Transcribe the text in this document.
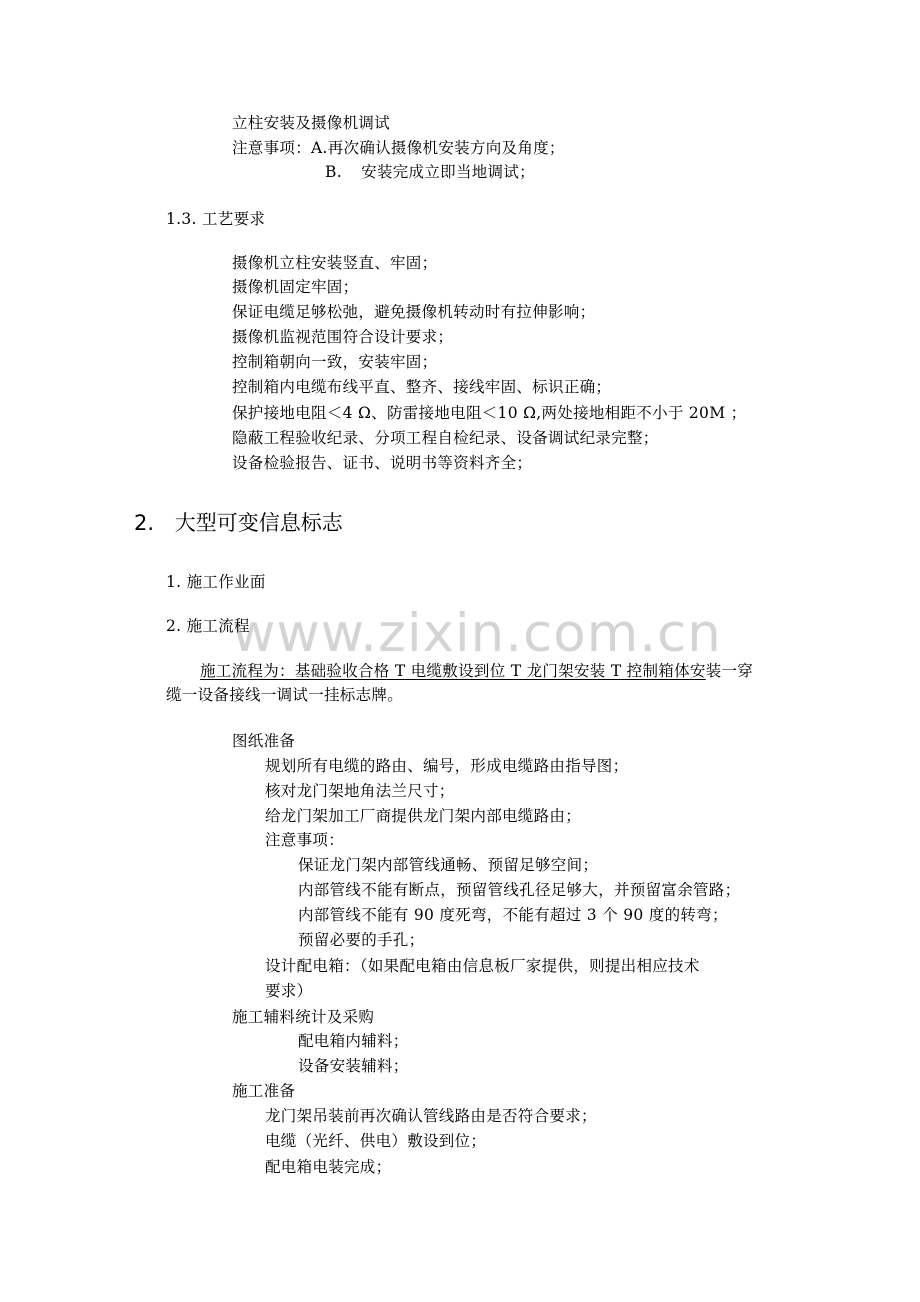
www.zixin.com.cn
立柱安装及摄像机调试
注意事项：A.再次确认摄像机安装方向及角度；
B. 安装完成立即当地调试；
1.3. 工艺要求
摄像机立柱安装竖直、牢固；
摄像机固定牢固；
保证电缆足够松弛，避免摄像机转动时有拉伸影响；
摄像机监视范围符合设计要求；
控制箱朝向一致，安装牢固；
控制箱内电缆布线平直、整齐、接线牢固、标识正确；
保护接地电阻＜4 Ω、防雷接地电阻＜10 Ω,两处接地相距不小于 20M ；
隐蔽工程验收纪录、分项工程自检纪录、设备调试纪录完整；
设备检验报告、证书、说明书等资料齐全；
2. 大型可变信息标志
1. 施工作业面
2. 施工流程
施工流程为：基础验收合格 T 电缆敷设到位 T 龙门架安装 T 控制箱体安装一穿
缆一设备接线一调试一挂标志牌。
图纸准备
规划所有电缆的路由、编号，形成电缆路由指导图；
核对龙门架地角法兰尺寸；
给龙门架加工厂商提供龙门架内部电缆路由；
注意事项：
保证龙门架内部管线通畅、预留足够空间；
内部管线不能有断点，预留管线孔径足够大，并预留富余管路；
内部管线不能有 90 度死弯，不能有超过 3 个 90 度的转弯；
预留必要的手孔；
设计配电箱：（如果配电箱由信息板厂家提供，则提出相应技术
要求）
施工辅料统计及采购
配电箱内辅料；
设备安装辅料；
施工准备
龙门架吊装前再次确认管线路由是否符合要求；
电缆（光纤、供电）敷设到位；
配电箱电装完成；
